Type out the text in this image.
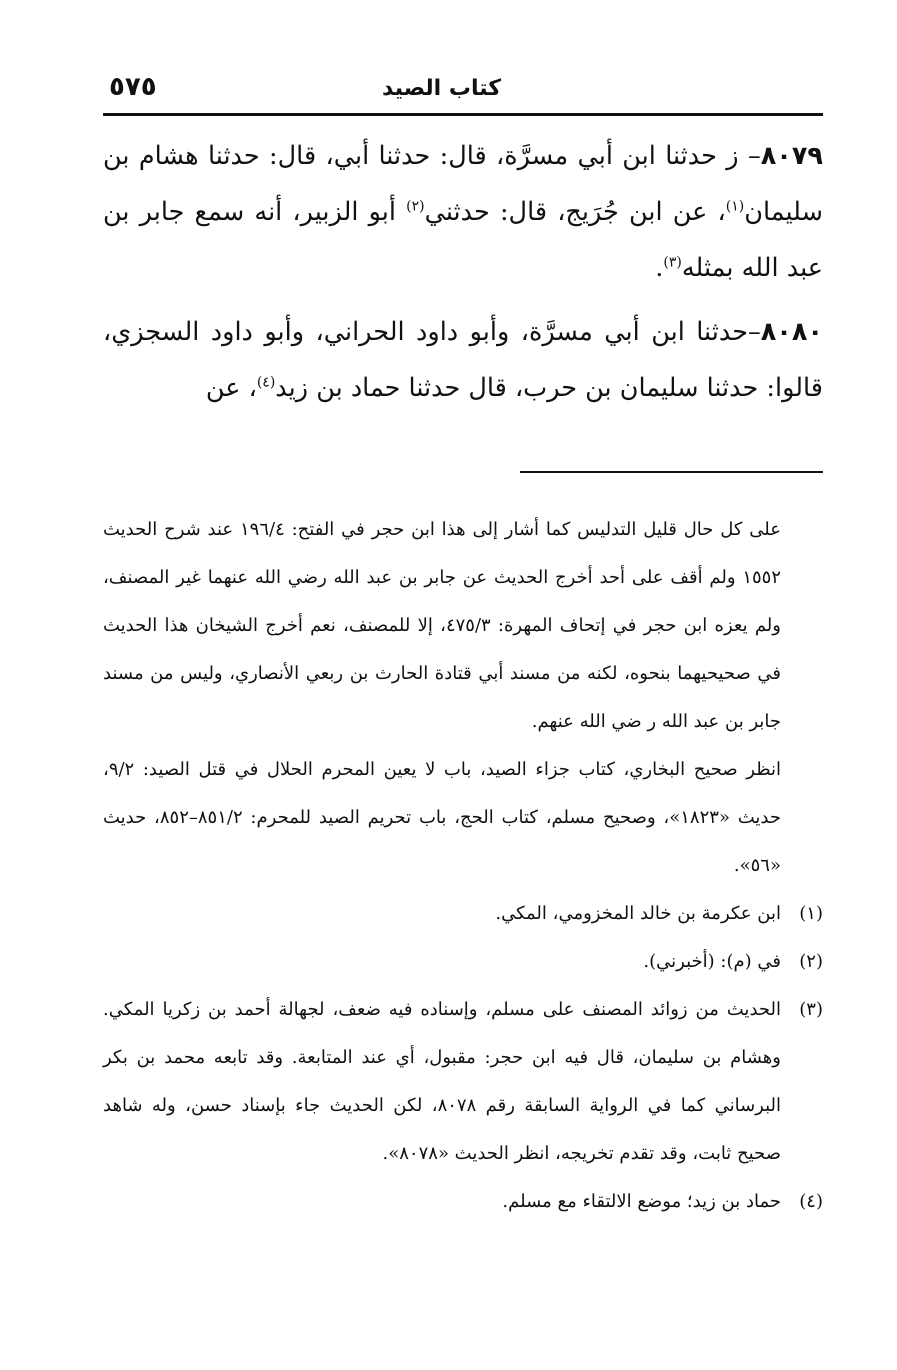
كتاب الصيد
٥٧٥

٨٠٧٩– ز حدثنا ابن أبي مسرَّة، قال: حدثنا أبي، قال: حدثنا هشام بن سليمان$^{(١)}$، عن ابن جُرَيج، قال: حدثني$^{(٢)}$ أبو الزبير، أنه سمع جابر بن عبد الله بمثله$^{(٣)}$.

٨٠٨٠–حدثنا ابن أبي مسرَّة، وأبو داود الحراني، وأبو داود السجزي، قالوا: حدثنا سليمان بن حرب، قال حدثنا حماد بن زيد$^{(٤)}$، عن

على كل حال قليل التدليس كما أشار إلى هذا ابن حجر في الفتح: ١٩٦/٤ عند شرح الحديث ١٥٥٢ ولم أقف على أحد أخرج الحديث عن جابر بن عبد الله رضي الله عنهما غير المصنف، ولم يعزه ابن حجر في إتحاف المهرة: ٤٧٥/٣، إلا للمصنف، نعم أخرج الشيخان هذا الحديث في صحيحيهما بنحوه، لكنه من مسند أبي قتادة الحارث بن ربعي الأنصاري، وليس من مسند جابر بن عبد الله ر ضي الله عنهم.

انظر صحيح البخاري، كتاب جزاء الصيد، باب لا يعين المحرم الحلال في قتل الصيد: ٩/٢، حديث «١٨٢٣»، وصحيح مسلم، كتاب الحج، باب تحريم الصيد للمحرم: ٨٥١/٢–٨٥٢، حديث «٥٦».

(١)
ابن عكرمة بن خالد المخزومي، المكي.
(٢)
في (م): (أخبرني).
(٣)
الحديث من زوائد المصنف على مسلم، وإسناده فيه ضعف، لجهالة أحمد بن زكريا المكي. وهشام بن سليمان، قال فيه ابن حجر: مقبول، أي عند المتابعة. وقد تابعه محمد بن بكر البرساني كما في الرواية السابقة رقم ٨٠٧٨، لكن الحديث جاء بإسناد حسن، وله شاهد صحيح ثابت، وقد تقدم تخريجه، انظر الحديث «٨٠٧٨».
(٤)
حماد بن زيد؛ موضع الالتقاء مع مسلم.
